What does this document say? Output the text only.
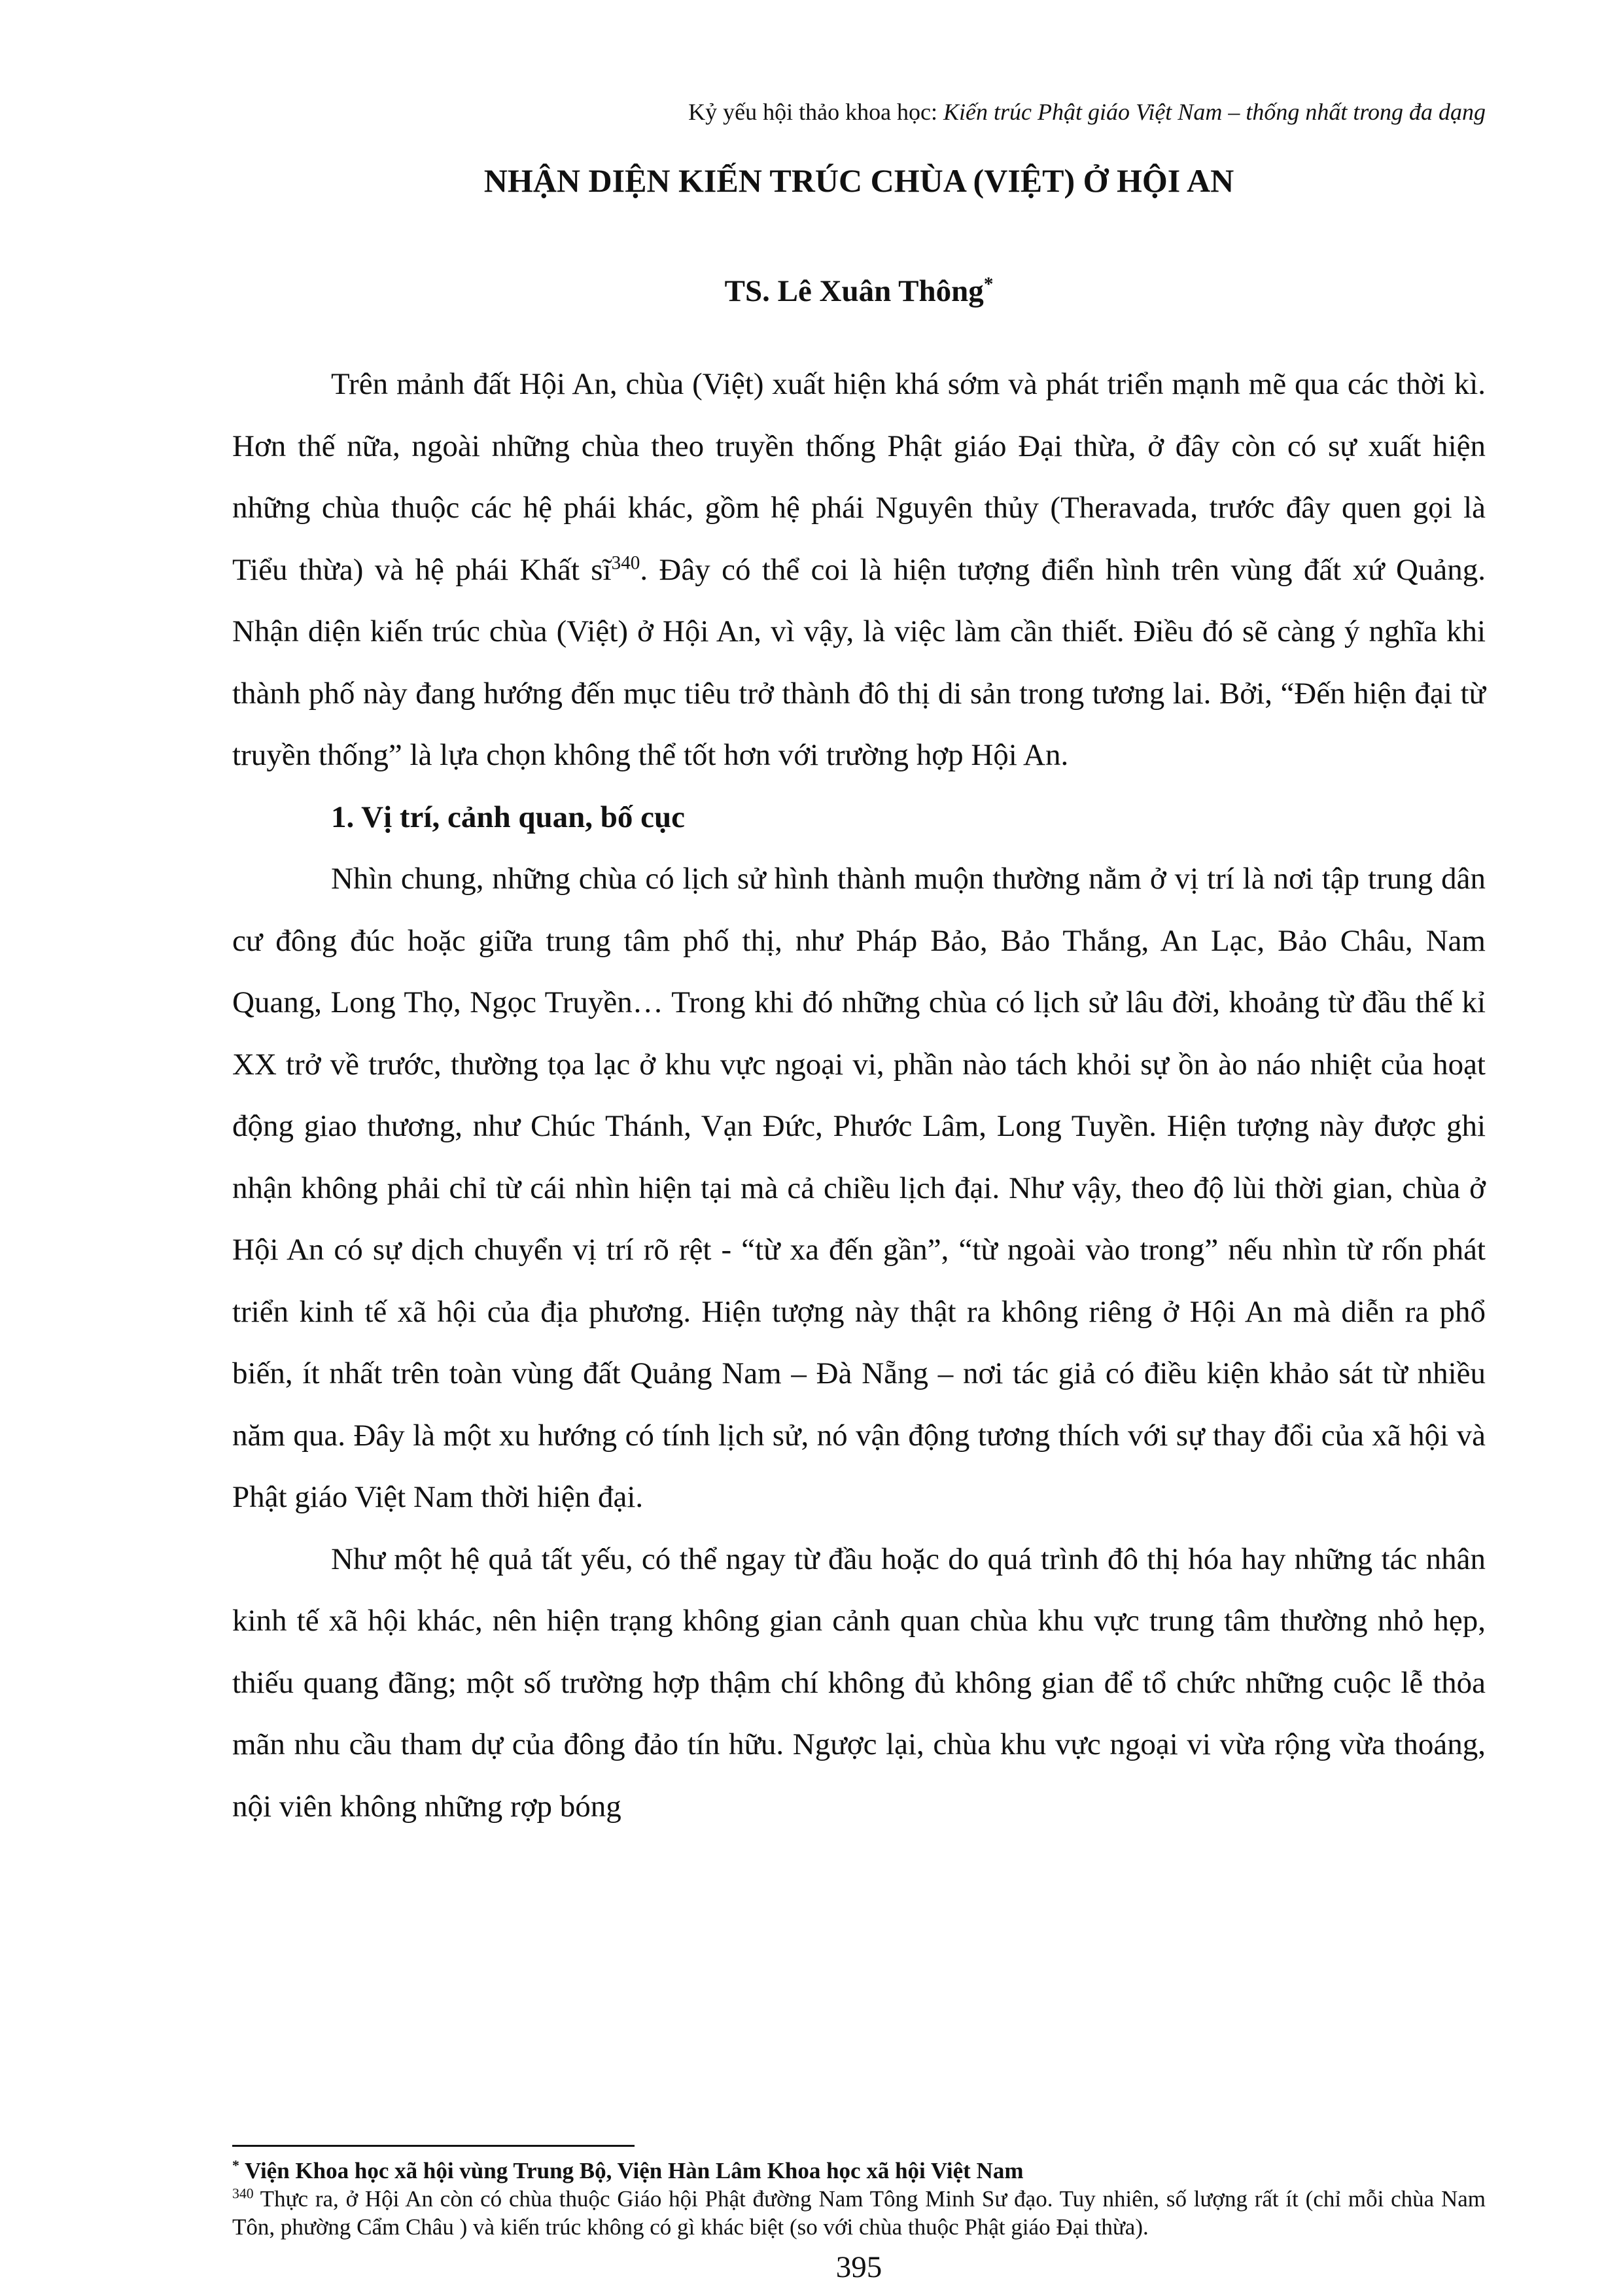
Kỷ yếu hội thảo khoa học: Kiến trúc Phật giáo Việt Nam – thống nhất trong đa dạng
NHẬN DIỆN KIẾN TRÚC CHÙA (VIỆT) Ở HỘI AN
TS. Lê Xuân Thông*

Trên mảnh đất Hội An, chùa (Việt) xuất hiện khá sớm và phát triển mạnh mẽ qua các thời kì. Hơn thế nữa, ngoài những chùa theo truyền thống Phật giáo Đại thừa, ở đây còn có sự xuất hiện những chùa thuộc các hệ phái khác, gồm hệ phái Nguyên thủy (Theravada, trước đây quen gọi là Tiểu thừa) và hệ phái Khất $sĩ^{340}$. Đây có thể coi là hiện tượng điển hình trên vùng đất xứ Quảng. Nhận diện kiến trúc chùa (Việt) ở Hội An, vì vậy, là việc làm cần thiết. Điều đó sẽ càng ý nghĩa khi thành phố này đang hướng đến mục tiêu trở thành đô thị di sản trong tương lai. Bởi, “Đến hiện đại từ truyền thống” là lựa chọn không thể tốt hơn với trường hợp Hội An.

1. Vị trí, cảnh quan, bố cục

Nhìn chung, những chùa có lịch sử hình thành muộn thường nằm ở vị trí là nơi tập trung dân cư đông đúc hoặc giữa trung tâm phố thị, như Pháp Bảo, Bảo Thắng, An Lạc, Bảo Châu, Nam Quang, Long Thọ, Ngọc Truyền… Trong khi đó những chùa có lịch sử lâu đời, khoảng từ đầu thế kỉ XX trở về trước, thường tọa lạc ở khu vực ngoại vi, phần nào tách khỏi sự ồn ào náo nhiệt của hoạt động giao thương, như Chúc Thánh, Vạn Đức, Phước Lâm, Long Tuyền. Hiện tượng này được ghi nhận không phải chỉ từ cái nhìn hiện tại mà cả chiều lịch đại. Như vậy, theo độ lùi thời gian, chùa ở Hội An có sự dịch chuyển vị trí rõ rệt - “từ xa đến gần”, “từ ngoài vào trong” nếu nhìn từ rốn phát triển kinh tế xã hội của địa phương. Hiện tượng này thật ra không riêng ở Hội An mà diễn ra phổ biến, ít nhất trên toàn vùng đất Quảng Nam – Đà Nẵng – nơi tác giả có điều kiện khảo sát từ nhiều năm qua. Đây là một xu hướng có tính lịch sử, nó vận động tương thích với sự thay đổi của xã hội và Phật giáo Việt Nam thời hiện đại.

Như một hệ quả tất yếu, có thể ngay từ đầu hoặc do quá trình đô thị hóa hay những tác nhân kinh tế xã hội khác, nên hiện trạng không gian cảnh quan chùa khu vực trung tâm thường nhỏ hẹp, thiếu quang đãng; một số trường hợp thậm chí không đủ không gian để tổ chức những cuộc lễ thỏa mãn nhu cầu tham dự của đông đảo tín hữu. Ngược lại, chùa khu vực ngoại vi vừa rộng vừa thoáng, nội viên không những rợp bóng

* Viện Khoa học xã hội vùng Trung Bộ, Viện Hàn Lâm Khoa học xã hội Việt Nam

$^{340}$ Thực ra, ở Hội An còn có chùa thuộc Giáo hội Phật đường Nam Tông Minh Sư đạo. Tuy nhiên, số lượng rất ít (chỉ mỗi chùa Nam Tôn, phường Cẩm Châu ) và kiến trúc không có gì khác biệt (so với chùa thuộc Phật giáo Đại thừa).

395
